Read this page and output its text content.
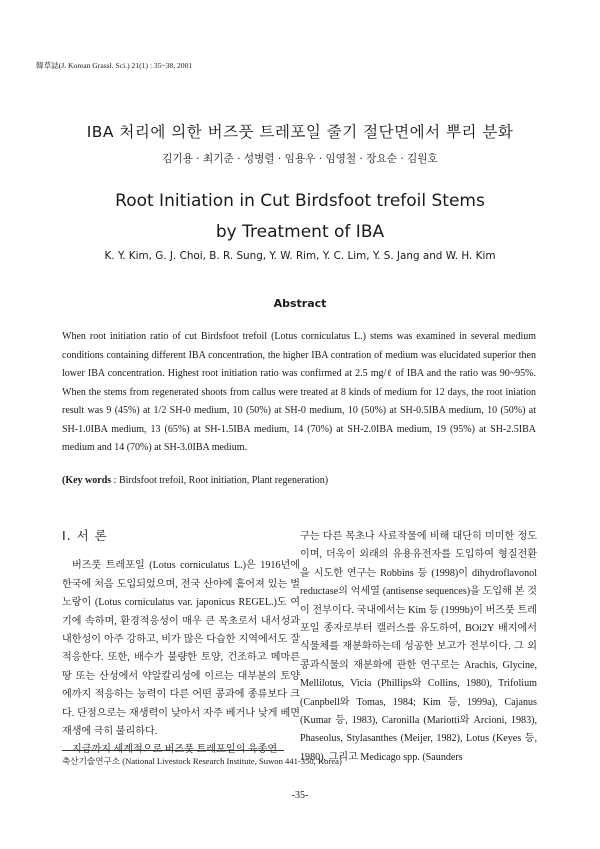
韓草誌(J. Korean Grassl. Sci.) 21(1) : 35~38, 2001
IBA 처리에 의한 버즈풋 트레포일 줄기 절단면에서 뿌리 분화
김기용 · 최기준 · 성병렬 · 임용우 · 임영철 · 장요순 · 김원호
Root Initiation in Cut Birdsfoot trefoil Stems
by Treatment of IBA
K. Y. Kim, G. J. Choi, B. R. Sung, Y. W. Rim, Y. C. Lim, Y. S. Jang and W. H. Kim
Abstract
When root initiation ratio of cut Birdsfoot trefoil (Lotus corniculatus L.) stems was examined in several medium conditions containing different IBA concentration, the higher IBA contration of medium was elucidated superior then lower IBA concentration. Highest root initiation ratio was confirmed at 2.5 mg/ℓ of IBA and the ratio was 90~95%. When the stems from regenerated shoots from callus were treated at 8 kinds of medium for 12 days, the root iniation result was 9 (45%) at 1/2 SH-0 medium, 10 (50%) at SH-0 medium, 10 (50%) at SH-0.5IBA medium, 10 (50%) at SH-1.0IBA medium, 13 (65%) at SH-1.5IBA medium, 14 (70%) at SH-2.0IBA medium, 19 (95%) at SH-2.5IBA medium and 14 (70%) at SH-3.0IBA medium.
(Key words : Birdsfoot trefoil, Root initiation, Plant regeneration)
Ⅰ. 서 론

버즈풋 트레포일 (Lotus corniculatus L.)은 1916년에 한국에 처음 도입되었으며, 전국 산야에 흩어져 있는 벌노랑이 (Lotus corniculatus var. japonicus REGEL.)도 여기에 속하며, 환경적응성이 매우 큰 목초로서 내서성과 내한성이 아주 강하고, 비가 많은 다습한 지역에서도 잘 적응한다. 또한, 배수가 불량한 토양, 건조하고 메마른 땅 또는 산성에서 약알칼리성에 이르는 대부분의 토양에까지 적응하는 능력이 다른 어떤 콩과에 종류보다 크다. 단점으로는 재생력이 낮아서 자주 베거나 낮게 베면 재생에 극히 불리하다.

지금까지 세계적으로 버즈풋 트레포일의 육종연

구는 다른 목초나 사료작물에 비해 대단히 미미한 정도이며, 더욱이 외래의 유용유전자를 도입하여 형질전환을 시도한 연구는 Robbins 등 (1998)이 dihydroflavonol reductase의 억세열 (antisense sequences)을 도입해 본 것이 전부이다. 국내에서는 Kim 등 (1999b)이 버즈풋 트레포일 종자로부터 캘러스를 유도하여, BOi2Y 배지에서 식물체를 재분화하는데 성공한 보고가 전부이다. 그 외 콩과식물의 재분화에 관한 연구로는 Arachis, Glycine, Mellilotus, Vicia (Phillips와 Collins, 1980), Trifolium (Canpbell와 Tomas, 1984; Kim 등, 1999a), Cajanus (Kumar 등, 1983), Caronilla (Mariotti와 Arcioni, 1983), Phaseolus, Stylasanthes (Meijer, 1982), Lotus (Keyes 등, 1980), 그리고 Medicago spp. (Saunders

축산기술연구소 (National Livestock Research Institute, Suwon 441-350, Korea)
-35-
